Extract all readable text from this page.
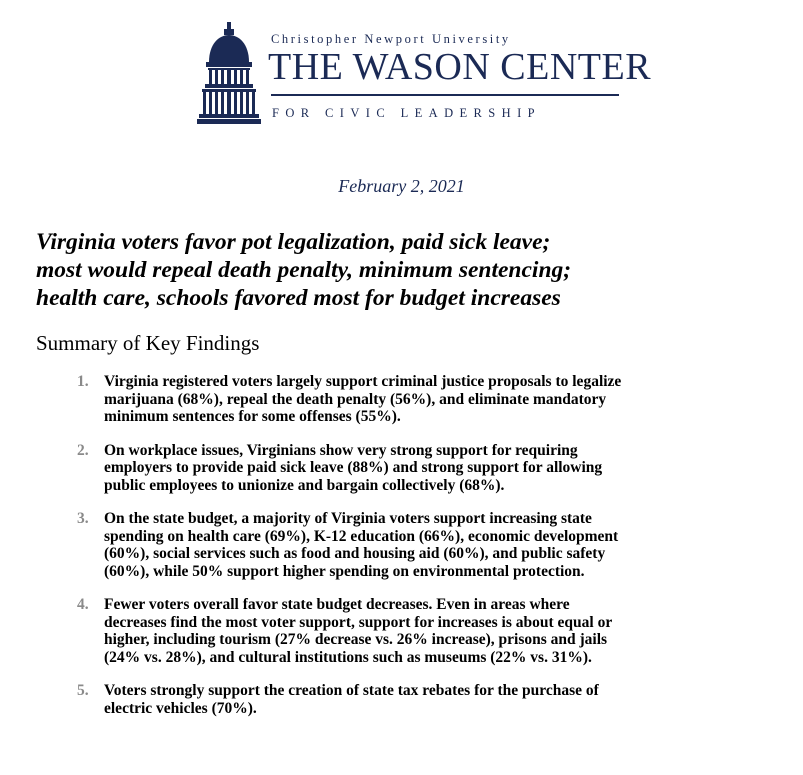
Christopher Newport University
THE WASON CENTER
FOR CIVIC LEADERSHIP
February 2, 2021
Virginia voters favor pot legalization, paid sick leave;
most would repeal death penalty, minimum sentencing;
health care, schools favored most for budget increases
Summary of Key Findings
1. Virginia registered voters largely support criminal justice proposals to legalize
marijuana (68%), repeal the death penalty (56%), and eliminate mandatory
minimum sentences for some offenses (55%).
2. On workplace issues, Virginians show very strong support for requiring
employers to provide paid sick leave (88%) and strong support for allowing
public employees to unionize and bargain collectively (68%).
3. On the state budget, a majority of Virginia voters support increasing state
spending on health care (69%), K-12 education (66%), economic development
(60%), social services such as food and housing aid (60%), and public safety
(60%), while 50% support higher spending on environmental protection.
4. Fewer voters overall favor state budget decreases. Even in areas where
decreases find the most voter support, support for increases is about equal or
higher, including tourism (27% decrease vs. 26% increase), prisons and jails
(24% vs. 28%), and cultural institutions such as museums (22% vs. 31%).
5. Voters strongly support the creation of state tax rebates for the purchase of
electric vehicles (70%).
